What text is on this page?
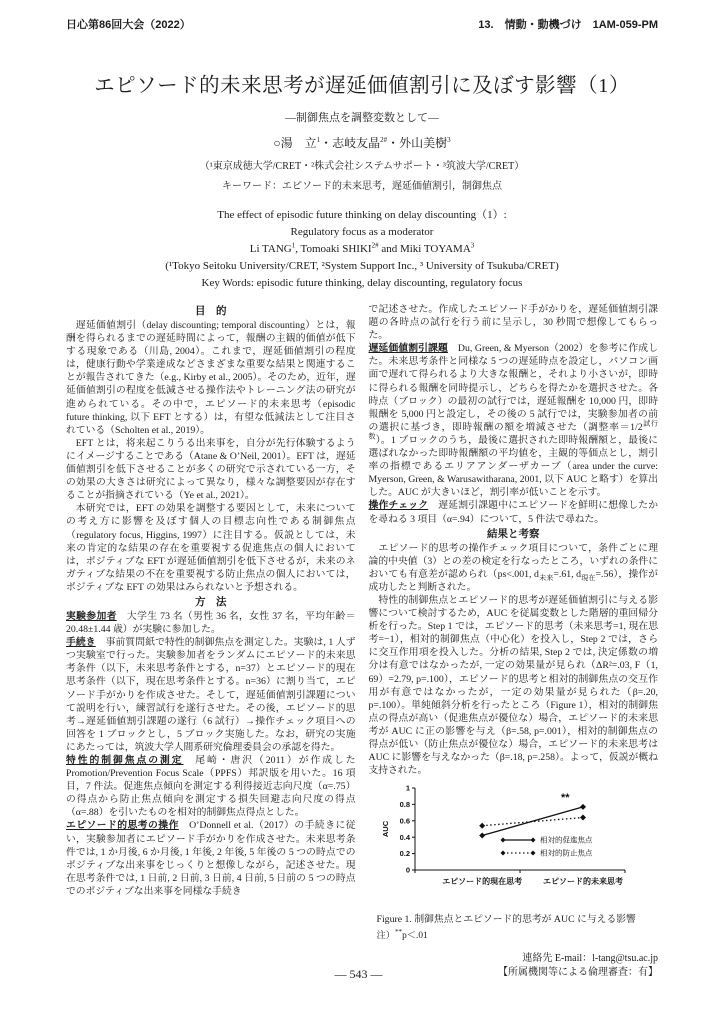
日心第86回大会（2022）	13.　情動・動機づけ　1AM-059-PM
エピソード的未来思考が遅延価値割引に及ぼす影響（1）
―制御焦点を調整変数として―
○湯　立$^1$・志岐友晶$^{2\#}$・外山美樹$^3$
（¹東京成徳大学/CRET・²株式会社システムサポート・³筑波大学/CRET）
キーワード：エピソード的未来思考，遅延価値割引，制御焦点
The effect of episodic future thinking on delay discounting（1）:
Regulatory focus as a moderator
Li TANG$^1$, Tomoaki $SHIKI^{2\#}$ and Miki TOYAMA$^3$
(¹Tokyo Seitoku University/CRET, ²System Support Inc., ³ University of Tsukuba/CRET)
Key Words: episodic future thinking, delay discounting, regulatory focus
目　的

遅延価値割引（delay discounting; temporal discounting）とは，報酬を得られるまでの遅延時間によって，報酬の主観的価値が低下する現象である（川島, 2004）。これまで，遅延価値割引の程度は，健康行動や学業達成などさまざまな重要な結果と関連することが報告されてきた（e.g., Kirby et al., 2005）。そのため，近年，遅延価値割引の程度を低減させる操作法やトレーニング法の研究が進められている。その中で，エピソード的未来思考（episodic future thinking, 以下 EFT とする）は，有望な低減法として注目されている（Scholten et al., 2019）。

EFT とは，将来起こりうる出来事を，自分が先行体験するようにイメージすることである（Atane & O’Neil, 2001）。EFT は，遅延価値割引を低下させることが多くの研究で示されている一方，その効果の大きさは研究によって異なり，様々な調整要因が存在することが指摘されている（Ye et al., 2021）。

本研究では，EFT の効果を調整する要因として，未来についての考え方に影響を及ぼす個人の目標志向性である制御焦点（regulatory focus, Higgins, 1997）に注目する。仮説としては，未来の肯定的な結果の存在を重要視する促進焦点の個人においては，ポジティブな EFT が遅延価値割引を低下させるが，未来のネガティブな結果の不在を重要視する防止焦点の個人においては，ポジティブな EFT の効果はみられないと予想される。

方　法

実験参加者　大学生 73 名（男性 36 名，女性 37 名，平均年齢＝20.48±1.44 歳）が実験に参加した。

手続き　事前質問紙で特性的制御焦点を測定した。実験は, 1 人ずつ実験室で行った。実験参加者をランダムにエピソード的未来思考条件（以下，未来思考条件とする，n=37）とエピソード的現在思考条件（以下，現在思考条件とする。n=36）に割り当て，エピソード手がかりを作成させた。そして，遅延価値割引課題について説明を行い，練習試行を遂行させた。その後，エピソード的思考→遅延価値割引課題の遂行（6 試行）→操作チェック項目への回答を 1 ブロックとし，5 ブロック実施した。なお，研究の実施にあたっては，筑波大学人間系研究倫理委員会の承認を得た。

特性的制御焦点の測定　尾崎・唐沢（2011）が作成した Promotion/Prevention Focus Scale（PPFS）邦訳版を用いた。16 項目，7 件法。促進焦点傾向を測定する利得接近志向尺度（α=.75）の得点から防止焦点傾向を測定する損失回避志向尺度の得点（α=.88）を引いたものを相対的制御焦点得点とした。

エピソード的思考の操作　O’Donnell et al.（2017）の手続きに従い，実験参加者にエピソード手がかりを作成させた。未来思考条件では, 1 か月後, 6 か月後, 1 年後, 2 年後, 5 年後の 5 つの時点でのポジティブな出来事をじっくりと想像しながら，記述させた。現在思考条件では, 1 日前, 2 日前, 3 日前, 4 日前, 5 日前の 5 つの時点でのポジティブな出来事を同様な手続き

で記述させた。作成したエピソード手がかりを，遅延価値割引課題の各時点の試行を行う前に呈示し，30 秒間で想像してもらった。

遅延価値割引課題　Du, Green, & Myerson（2002）を参考に作成した。未来思考条件と同様な 5 つの遅延時点を設定し，パソコン画面で遅れて得られるより大きな報酬と，それより小さいが，即時に得られる報酬を同時提示し，どちらを得たかを選択させた。各時点（ブロック）の最初の試行では，遅延報酬を 10,000 円，即時報酬を 5,000 円と設定し，その後の 5 試行では，実験参加者の前の選択に基づき，即時報酬の額を増減させた（調整率$=1/2^{試行数}$）。1 ブロックのうち，最後に選択された即時報酬額と，最後に選ばれなかった即時報酬額の平均値を，主観的等価点とし，割引率の指標であるエリアアンダーザカーブ（area under the curve: Myerson, Green, & Warusawitharana, 2001, 以下 AUC と略す）を算出した。AUC が大きいほど，割引率が低いことを示す。

操作チェック　遅延割引課題中にエピソードを鮮明に想像したかを尋ねる 3 項目（α=.94）について，5 件法で尋ねた。

結果と考察

　エピソード的思考の操作チェック項目について，条件ごとに理論的中央値（3）との差の検定を行なったところ，いずれの条件においても有意差が認められ（ps<.001, $d_{未来}=.61$, $d_{現在}=.56$），操作が成功したと判断された。

　特性的制御焦点とエピソード的思考が遅延価値割引に与える影響について検討するため，AUC を従属変数とした階層的重回帰分析を行った。Step 1 では，エピソード的思考（未来思考=1, 現在思考=−1），相対的制御焦点（中心化）を投入し，Step 2 では，さらに交互作用項を投入した。分析の結果, Step 2 では, 決定係数の増分は有意ではなかったが, 一定の効果量が見られ（ΔR²=.03, F（1, 69）=2.79, p=.100），エピソード的思考と相対的制御焦点の交互作用が有意ではなかったが，一定の効果量が見られた（β=.20, p=.100）。単純傾斜分析を行ったところ（Figure 1），相対的制御焦点の得点が高い（促進焦点が優位な）場合，エピソード的未来思考が AUC に正の影響を与え（β=.58, p=.001），相対的制御焦点の得点が低い（防止焦点が優位な）場合，エピソード的未来思考は AUC に影響を与えなかった（β=.18, p=.258）。よって，仮説が概ね支持された。

0
0.2
0.4
0.6
0.8
1
AUC
エピソード的現在思考	エピソード的未来思考
**
相対的促進焦点
相対的防止焦点
Figure 1. 制御焦点とエピソード的思考が AUC に与える影響
注）**p＜.01
連絡先 E-mail：l-tang@tsu.ac.jp
【所属機関等による倫理審査：有】
― 543 ―
